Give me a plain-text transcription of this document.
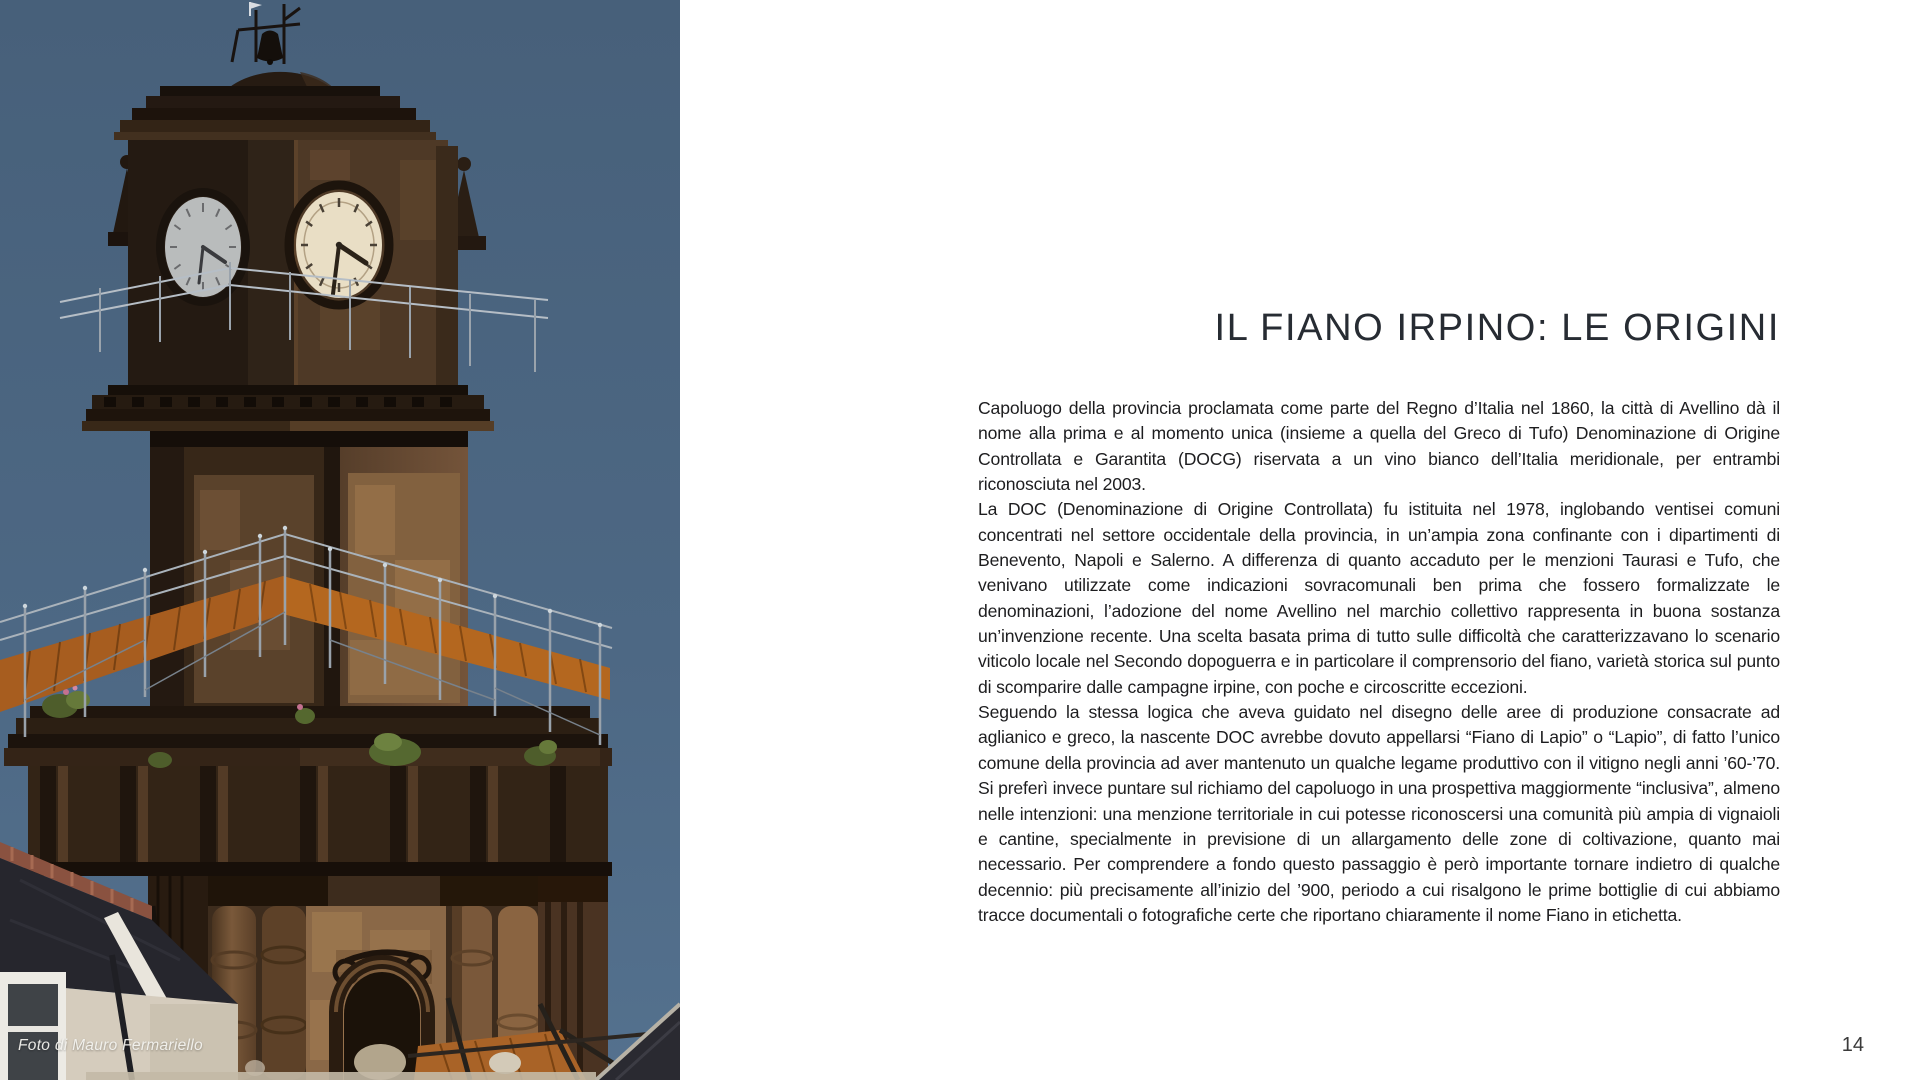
Foto di Mauro Fermariello
IL FIANO IRPINO: LE ORIGINI

Capoluogo della provincia proclamata come parte del Regno d’Italia nel 1860, la città di Avellino dà il nome alla prima e al momento unica (insieme a quella del Greco di Tufo) Denominazione di Origine Controllata e Garantita (DOCG) riservata a un vino bianco dell’Italia meridionale, per entrambi riconosciuta nel 2003.

La DOC (Denominazione di Origine Controllata) fu istituita nel 1978, inglobando ventisei comuni concentrati nel settore occidentale della provincia, in un’ampia zona confinante con i dipartimenti di Benevento, Napoli e Salerno. A differenza di quanto accaduto per le menzioni Taurasi e Tufo, che venivano utilizzate come indicazioni sovracomunali ben prima che fossero formalizzate le denominazioni, l’adozione del nome Avellino nel marchio collettivo rappresenta in buona sostanza un’invenzione recente. Una scelta basata prima di tutto sulle difficoltà che caratterizzavano lo scenario viticolo locale nel Secondo dopoguerra e in particolare il comprensorio del fiano, varietà storica sul punto di scomparire dalle campagne irpine, con poche e circoscritte eccezioni.

Seguendo la stessa logica che aveva guidato nel disegno delle aree di produzione consacrate ad aglianico e greco, la nascente DOC avrebbe dovuto appellarsi “Fiano di Lapio” o “Lapio”, di fatto l’unico comune della provincia ad aver mantenuto un qualche legame produttivo con il vitigno negli anni ’60-’70. Si preferì invece puntare sul richiamo del capoluogo in una prospettiva maggiormente “inclusiva”, almeno nelle intenzioni: una menzione territoriale in cui potesse riconoscersi una comunità più ampia di vignaioli e cantine, specialmente in previsione di un allargamento delle zone di coltivazione, quanto mai necessario. Per comprendere a fondo questo passaggio è però importante tornare indietro di qualche decennio: più precisamente all’inizio del ’900, periodo a cui risalgono le prime bottiglie di cui abbiamo tracce documentali o fotografiche certe che riportano chiaramente il nome Fiano in etichetta.

14
